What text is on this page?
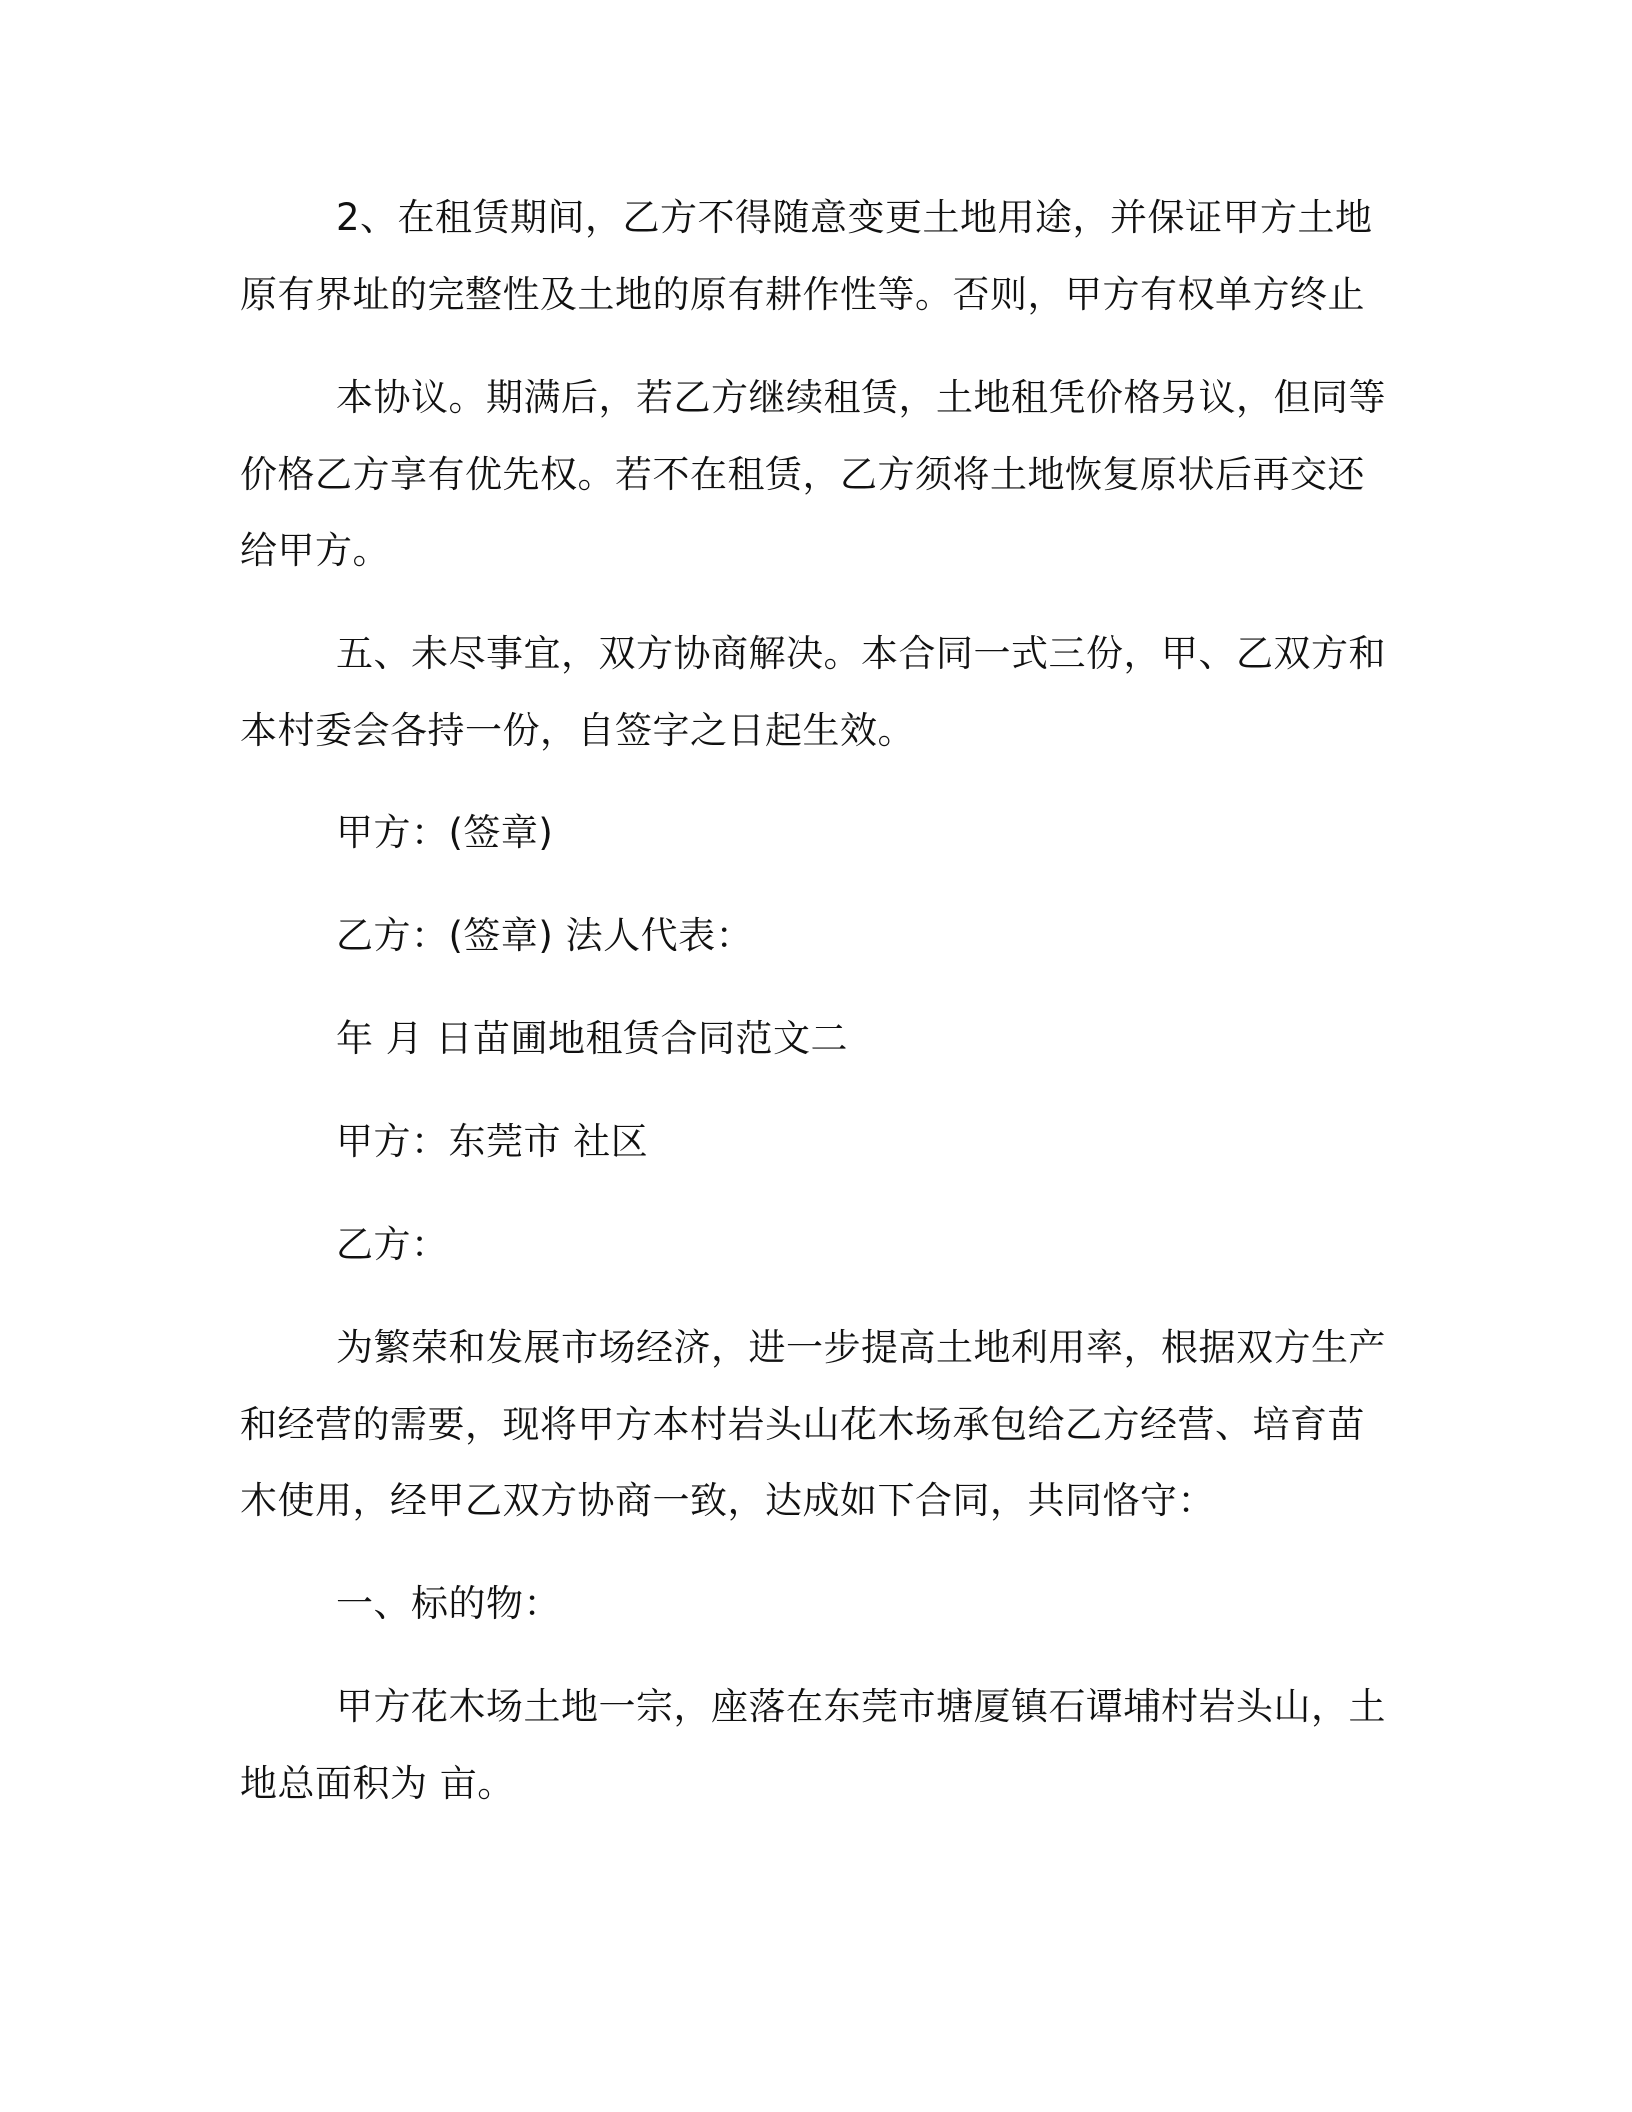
2、在租赁期间，乙方不得随意变更土地用途，并保证甲方土地
原有界址的完整性及土地的原有耕作性等。否则，甲方有权单方终止
本协议。期满后，若乙方继续租赁，土地租凭价格另议，但同等
价格乙方享有优先权。若不在租赁，乙方须将土地恢复原状后再交还
给甲方。
五、未尽事宜，双方协商解决。本合同一式三份，甲、乙双方和
本村委会各持一份，自签字之日起生效。
甲方：(签章)
乙方：(签章) 法人代表：
年 月 日苗圃地租赁合同范文二
甲方：东莞市 社区
乙方：
为繁荣和发展市场经济，进一步提高土地利用率，根据双方生产
和经营的需要，现将甲方本村岩头山花木场承包给乙方经营、培育苗
木使用，经甲乙双方协商一致，达成如下合同，共同恪守：
一、标的物：
甲方花木场土地一宗，座落在东莞市塘厦镇石谭埔村岩头山，土
地总面积为 亩。
